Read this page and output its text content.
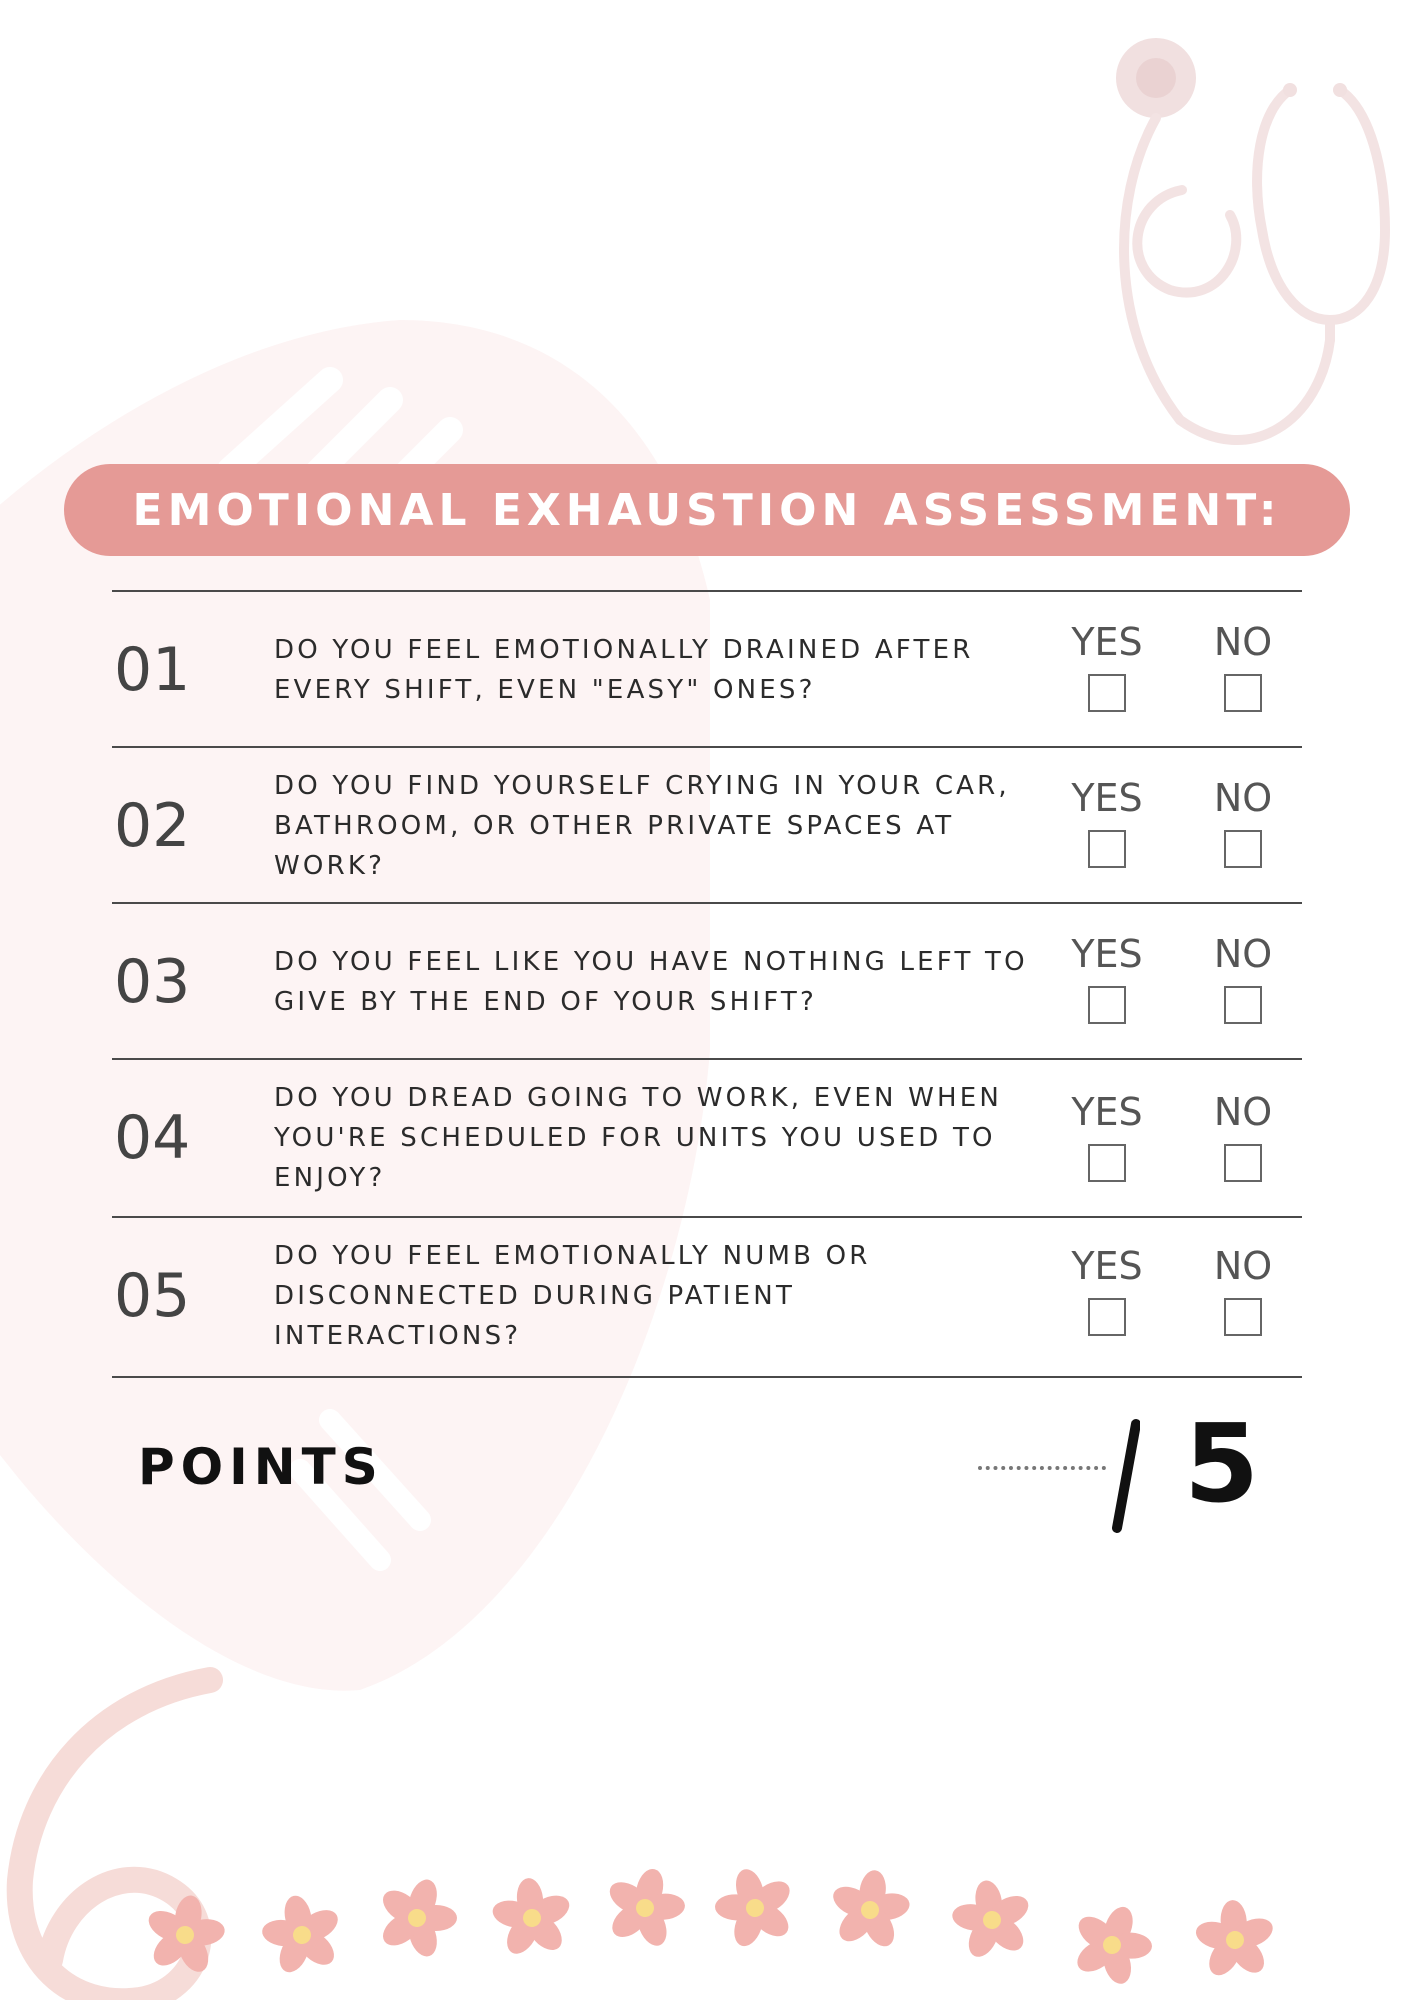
EMOTIONAL EXHAUSTION ASSESSMENT:
01	DO YOU FEEL EMOTIONALLY DRAINED AFTER EVERY SHIFT, EVEN "EASY" ONES?
YES	NO
02
DO YOU FIND YOURSELF CRYING IN YOUR CAR, BATHROOM, OR OTHER PRIVATE SPACES AT WORK?
YES	NO
03	DO YOU FEEL LIKE YOU HAVE NOTHING LEFT TO GIVE BY THE END OF YOUR SHIFT?
YES	NO
04
DO YOU DREAD GOING TO WORK, EVEN WHEN YOU'RE SCHEDULED FOR UNITS YOU USED TO ENJOY?
YES	NO
05
DO YOU FEEL EMOTIONALLY NUMB OR DISCONNECTED DURING PATIENT INTERACTIONS?
YES	NO
POINTS	5
